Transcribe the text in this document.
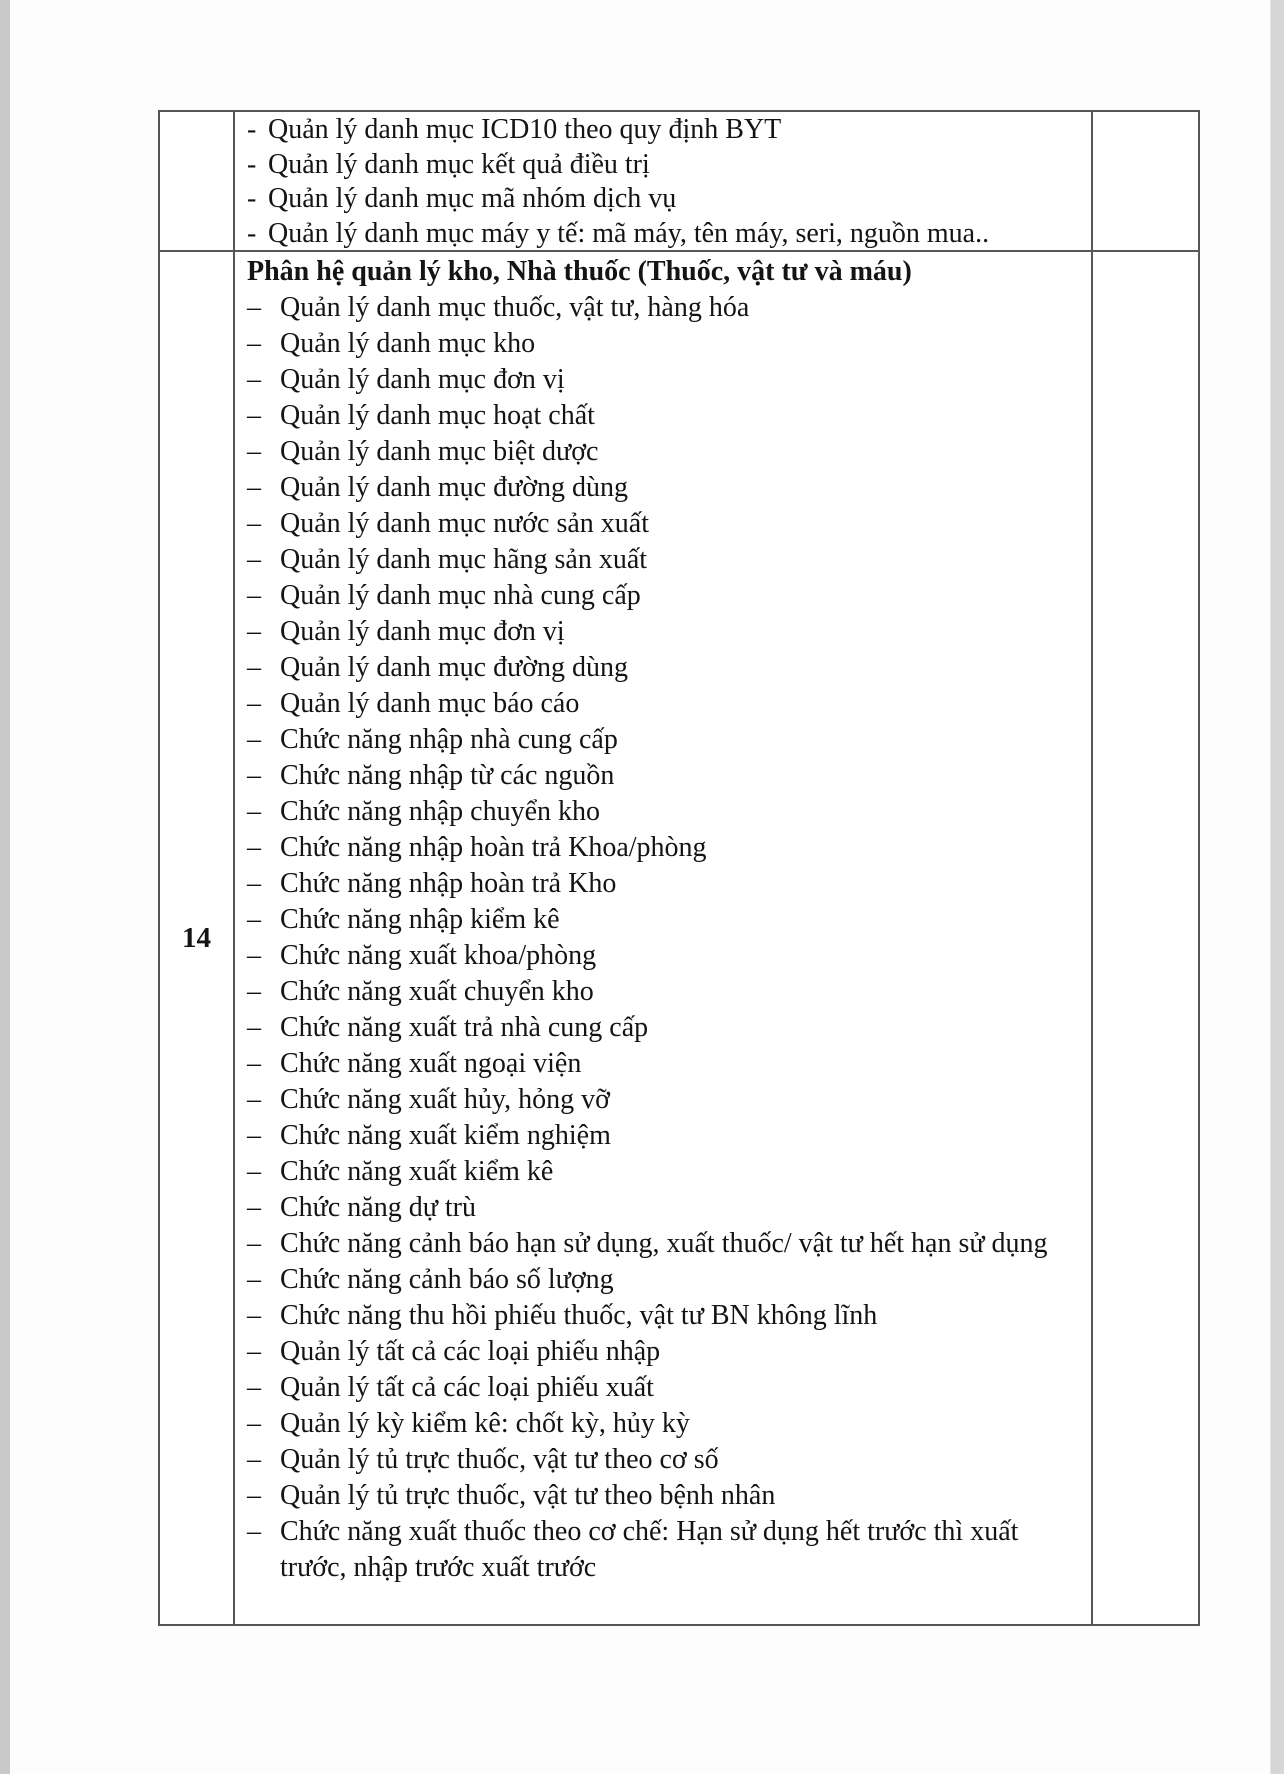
- Quản lý danh mục ICD10 theo quy định BYT
- Quản lý danh mục kết quả điều trị
- Quản lý danh mục mã nhóm dịch vụ
- Quản lý danh mục máy y tế: mã máy, tên máy, seri, nguồn mua..
14
Phân hệ quản lý kho, Nhà thuốc (Thuốc, vật tư và máu)
– Quản lý danh mục thuốc, vật tư, hàng hóa
– Quản lý danh mục kho
– Quản lý danh mục đơn vị
– Quản lý danh mục hoạt chất
– Quản lý danh mục biệt dược
– Quản lý danh mục đường dùng
– Quản lý danh mục nước sản xuất
– Quản lý danh mục hãng sản xuất
– Quản lý danh mục nhà cung cấp
– Quản lý danh mục đơn vị
– Quản lý danh mục đường dùng
– Quản lý danh mục báo cáo
– Chức năng nhập nhà cung cấp
– Chức năng nhập từ các nguồn
– Chức năng nhập chuyển kho
– Chức năng nhập hoàn trả Khoa/phòng
– Chức năng nhập hoàn trả Kho
– Chức năng nhập kiểm kê
– Chức năng xuất khoa/phòng
– Chức năng xuất chuyển kho
– Chức năng xuất trả nhà cung cấp
– Chức năng xuất ngoại viện
– Chức năng xuất hủy, hỏng vỡ
– Chức năng xuất kiểm nghiệm
– Chức năng xuất kiểm kê
– Chức năng dự trù
– Chức năng cảnh báo hạn sử dụng, xuất thuốc/ vật tư hết hạn sử dụng
– Chức năng cảnh báo số lượng
– Chức năng thu hồi phiếu thuốc, vật tư BN không lĩnh
– Quản lý tất cả các loại phiếu nhập
– Quản lý tất cả các loại phiếu xuất
– Quản lý kỳ kiểm kê: chốt kỳ, hủy kỳ
– Quản lý tủ trực thuốc, vật tư theo cơ số
– Quản lý tủ trực thuốc, vật tư theo bệnh nhân
– Chức năng xuất thuốc theo cơ chế: Hạn sử dụng hết trước thì xuất trước, nhập trước xuất trước
